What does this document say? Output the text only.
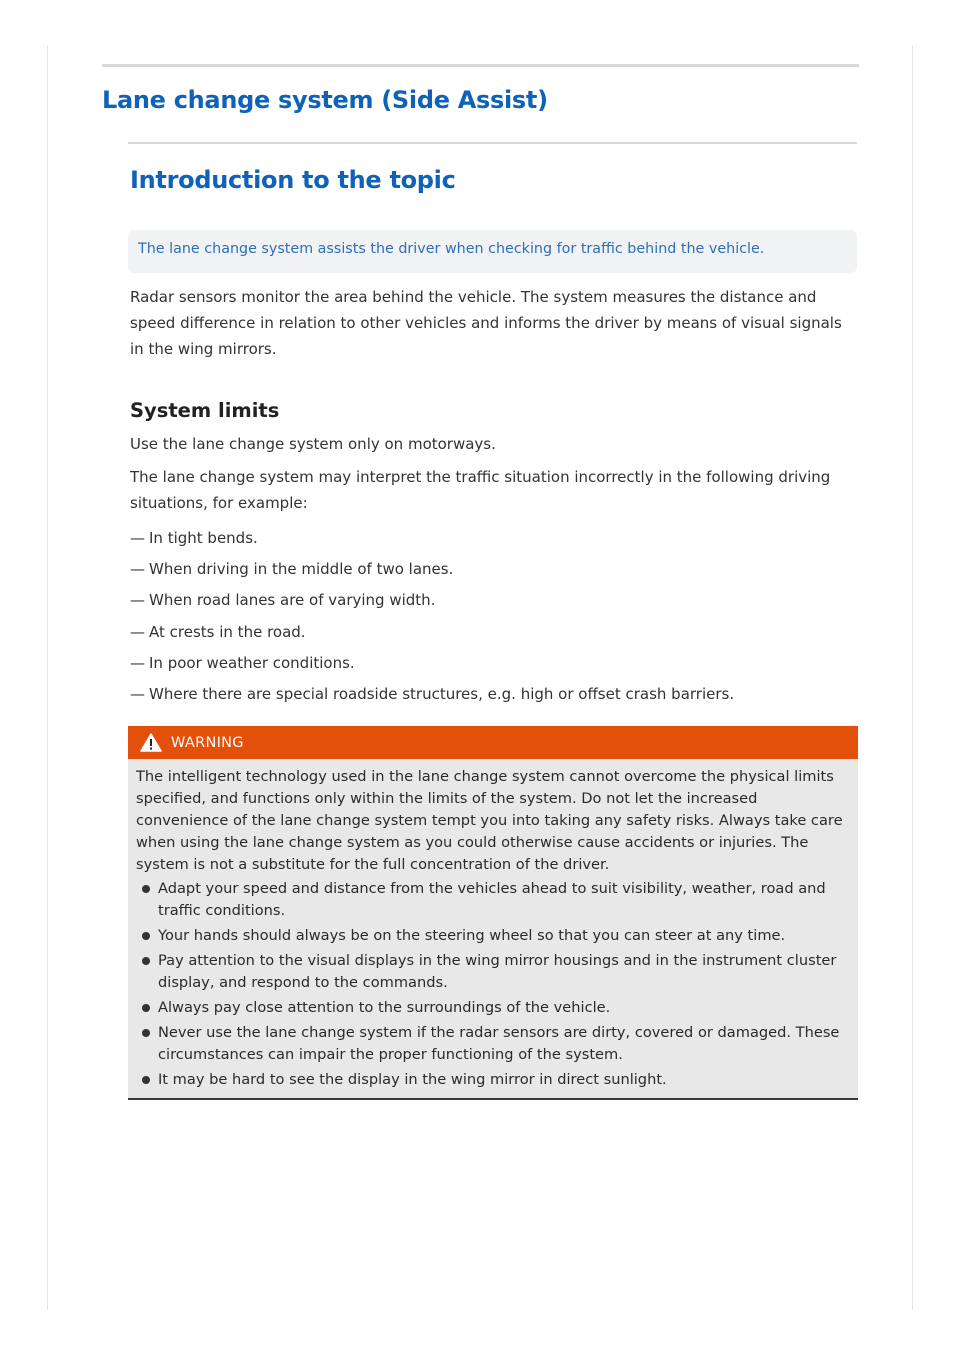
Lane change system (Side Assist)
Introduction to the topic
The lane change system assists the driver when checking for traffic behind the vehicle.

Radar sensors monitor the area behind the vehicle. The system measures the distance and speed difference in relation to other vehicles and informs the driver by means of visual signals in the wing mirrors.

System limits

Use the lane change system only on motorways.

The lane change system may interpret the traffic situation incorrectly in the following driving situations, for example:

— In tight bends.
— When driving in the middle of two lanes.
— When road lanes are of varying width.
— At crests in the road.
— In poor weather conditions.
— Where there are special roadside structures, e.g. high or offset crash barriers.
WARNING

The intelligent technology used in the lane change system cannot overcome the physical limits specified, and functions only within the limits of the system. Do not let the increased convenience of the lane change system tempt you into taking any safety risks. Always take care when using the lane change system as you could otherwise cause accidents or injuries. The system is not a substitute for the full concentration of the driver.

Adapt your speed and distance from the vehicles ahead to suit visibility, weather, road and traffic conditions.
Your hands should always be on the steering wheel so that you can steer at any time.
Pay attention to the visual displays in the wing mirror housings and in the instrument cluster display, and respond to the commands.
Always pay close attention to the surroundings of the vehicle.
Never use the lane change system if the radar sensors are dirty, covered or damaged. These circumstances can impair the proper functioning of the system.
It may be hard to see the display in the wing mirror in direct sunlight.
